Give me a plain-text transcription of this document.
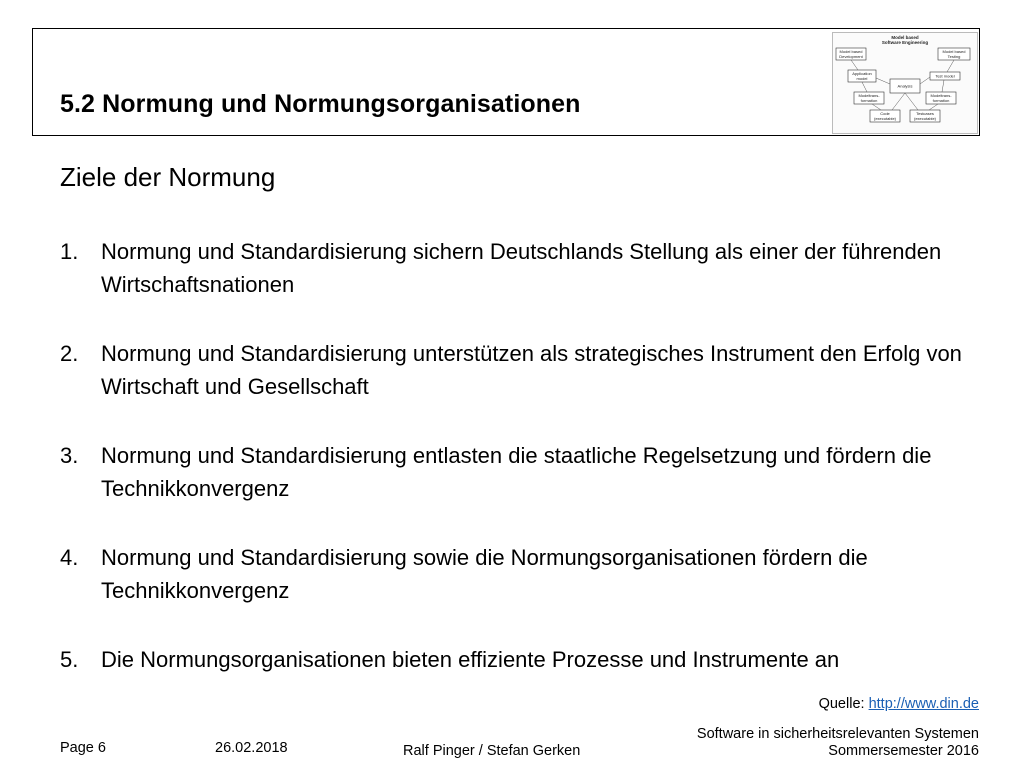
5.2 Normung und Normungsorganisationen
Model based
Software Engineering
Model based
Development
Model based
Testing
Application
model	Test model
Analysis
Modeltrans-
formation
Modeltrans-
formation
Code
(executable)
Testcases
(executable)
Ziele der Normung
1.	Normung und Standardisierung sichern Deutschlands Stellung als einer der führenden Wirtschaftsnationen
2.	Normung und Standardisierung unterstützen als strategisches Instrument den Erfolg von Wirtschaft und Gesellschaft
3.	Normung und Standardisierung entlasten die staatliche Regelsetzung und fördern die Technikkonvergenz
4.	Normung und Standardisierung sowie die Normungsorganisationen fördern die Technikkonvergenz
5.	Die Normungsorganisationen bieten effiziente Prozesse und Instrumente an
Quelle: http://www.din.de
Page 6	26.02.2018	Ralf Pinger / Stefan Gerken
Software in sicherheitsrelevanten Systemen
Sommersemester 2016
